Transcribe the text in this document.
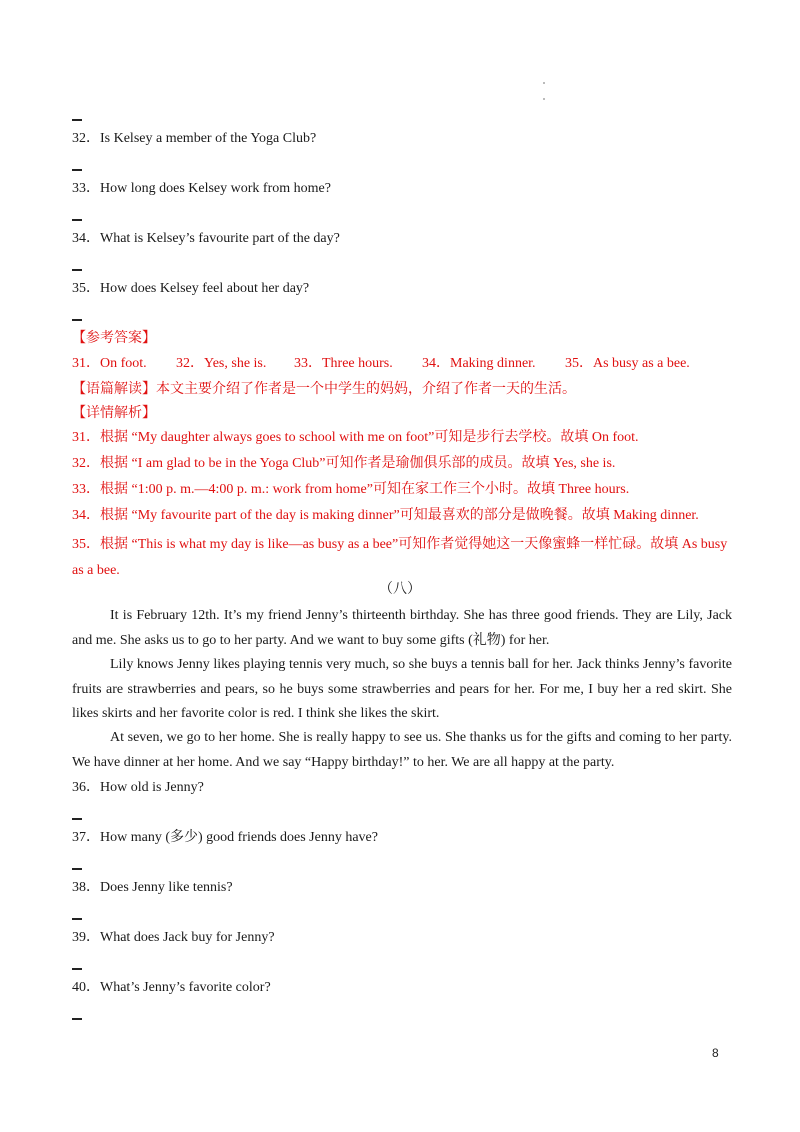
32．Is Kelsey a member of the Yoga Club?
33．How long does Kelsey work from home?
34．What is Kelsey’s favourite part of the day?
35．How does Kelsey feel about her day?
【参考答案】
31．On foot. 32．Yes, she is. 33．Three hours. 34．Making dinner. 35．As busy as a bee.
【语篇解读】本文主要介绍了作者是一个中学生的妈妈，介绍了作者一天的生活。
【详情解析】
31．根据 “My daughter always goes to school with me on foot”可知是步行去学校。故填 On foot.
32．根据 “I am glad to be in the Yoga Club”可知作者是瑜伽俱乐部的成员。故填 Yes, she is.
33．根据 “1:00 p. m.—4:00 p. m.: work from home”可知在家工作三个小时。故填 Three hours.
34．根据 “My favourite part of the day is making dinner”可知最喜欢的部分是做晚餐。故填 Making dinner.
35．根据 “This is what my day is like—as busy as a bee”可知作者觉得她这一天像蜜蜂一样忙碌。故填 As busy as a bee.
（八）
It is February 12th. It’s my friend Jenny’s thirteenth birthday. She has three good friends. They are Lily, Jack and me. She asks us to go to her party. And we want to buy some gifts (礼物) for her.
Lily knows Jenny likes playing tennis very much, so she buys a tennis ball for her. Jack thinks Jenny’s favorite fruits are strawberries and pears, so he buys some strawberries and pears for her. For me, I buy her a red skirt. She likes skirts and her favorite color is red. I think she likes the skirt.
At seven, we go to her home. She is really happy to see us. She thanks us for the gifts and coming to her party. We have dinner at her home. And we say “Happy birthday!” to her. We are all happy at the party.
36．How old is Jenny?
37．How many (多少) good friends does Jenny have?
38．Does Jenny like tennis?
39．What does Jack buy for Jenny?
40．What’s Jenny’s favorite color?
8
